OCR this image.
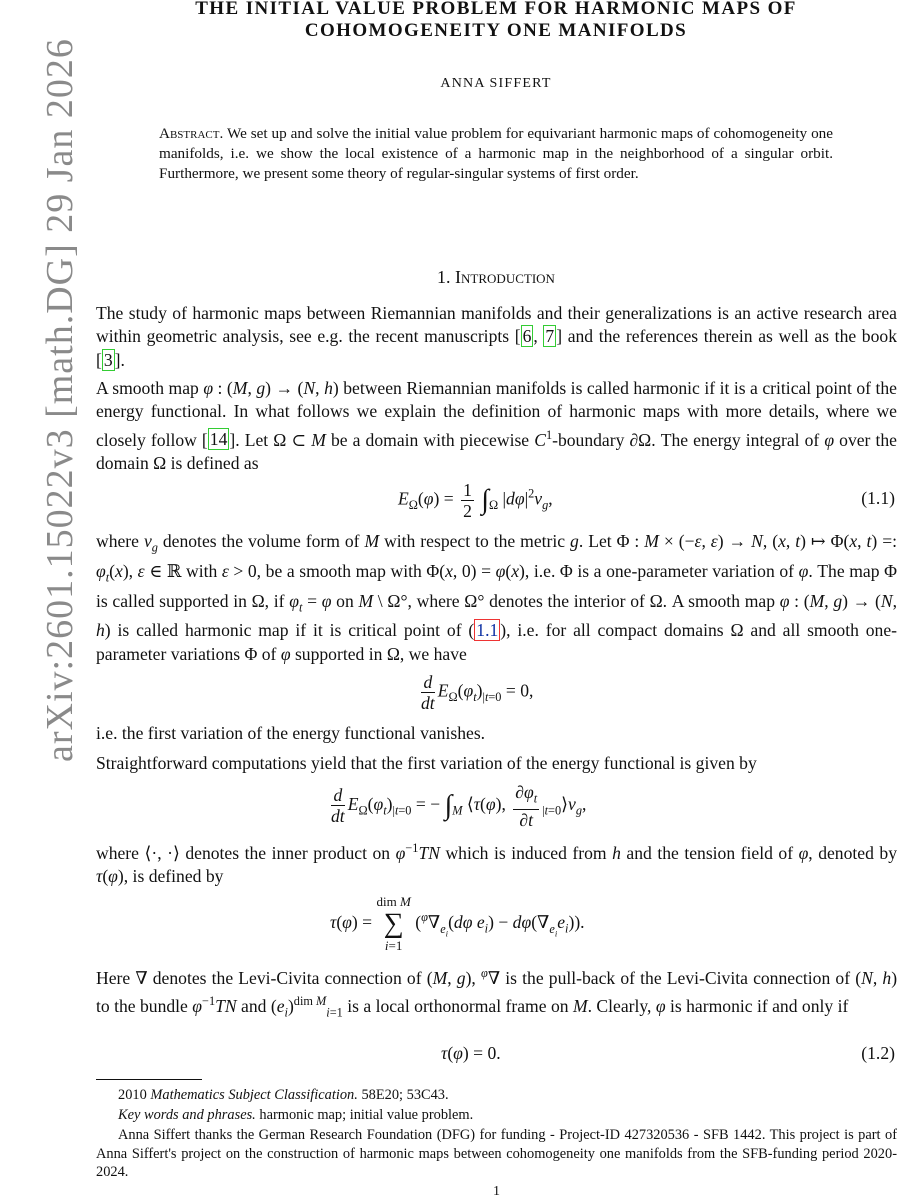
arXiv:2601.15022v3 [math.DG] 29 Jan 2026
THE INITIAL VALUE PROBLEM FOR HARMONIC MAPS OF
COHOMOGENEITY ONE MANIFOLDS
ANNA SIFFERT
Abstract. We set up and solve the initial value problem for equivariant harmonic maps of cohomogeneity one manifolds, i.e. we show the local existence of a harmonic map in the neighborhood of a singular orbit. Furthermore, we present some theory of regular-singular systems of first order.
1. Introduction
The study of harmonic maps between Riemannian manifolds and their generalizations is an active research area within geometric analysis, see e.g. the recent manuscripts [ 6 , 7 ] and the references therein as well as the book [ 3 ].
A smooth map φ : (M, g) → (N, h) between Riemannian manifolds is called harmonic if it is a critical point of the energy functional. In what follows we explain the definition of harmonic maps with more details, where we closely follow [ 14 ]. Let Ω ⊂ M be a domain with piecewise $C^1$-boundary ∂Ω. The energy integral of φ over the domain Ω is defined as
$E_\Omega(\varphi) = \frac{1}{2} \int_\Omega$ $|d\varphi|^2v_g$,	(1.1)
where $v_g$ denotes the volume form of M with respect to the metric g. Let Φ : M × (−ε, ε) → N, (x, t) ↦ Φ(x, t) =: $\varphi_t(x)$, ε ∈ ℝ with ε > 0, be a smooth map with Φ(x, 0) = φ(x), i.e. Φ is a one-parameter variation of φ. The map Φ is called supported in Ω, if $\varphi_t = \varphi$ on M \ Ω°, where Ω° denotes the interior of Ω. A smooth map φ : (M, g) → (N, h) is called harmonic map if it is critical point of ( 1.1 ), i.e. for all compact domains Ω and all smooth one-parameter variations Φ of φ supported in Ω, we have
$\frac{d}{dt} E_\Omega(\varphi_t)_{|t=0} = 0$,
i.e. the first variation of the energy functional vanishes.
Straightforward computations yield that the first variation of the energy functional is given by
$\frac{d}{dt} E_\Omega(\varphi_t)_{|t=0}$ = − $\int_M$ ⟨τ(φ), $\frac{\partial\varphi_t}{\partial t}$ $_{|t=0}⟩v_g$,
where ⟨·, ·⟩ denotes the inner product on $\varphi^{-1}TN$ which is induced from h and the tension field of φ, denoted by τ(φ), is defined by
τ(φ) = dim M
∑
i=1 ($^\varphi\nabla_{e_i}(d\varphi$ $e_i) - d\varphi(\nabla_{e_i}e_i)$).
Here ∇ denotes the Levi-Civita connection of (M, g), $^\varphi$∇ is the pull-back of the Levi-Civita connection of (N, h) to the bundle $\varphi^{-1}TN$ and $(e_i)^{dim M}_{i=1}$ is a local orthonormal frame on M. Clearly, φ is harmonic if and only if
τ(φ) = 0.	(1.2)
2010 Mathematics Subject Classification. 58E20; 53C43.
Key words and phrases. harmonic map; initial value problem.
Anna Siffert thanks the German Research Foundation (DFG) for funding - Project-ID 427320536 - SFB 1442. This project is part of Anna Siffert's project on the construction of harmonic maps between cohomogeneity one manifolds from the SFB-funding period 2020-2024.
1
